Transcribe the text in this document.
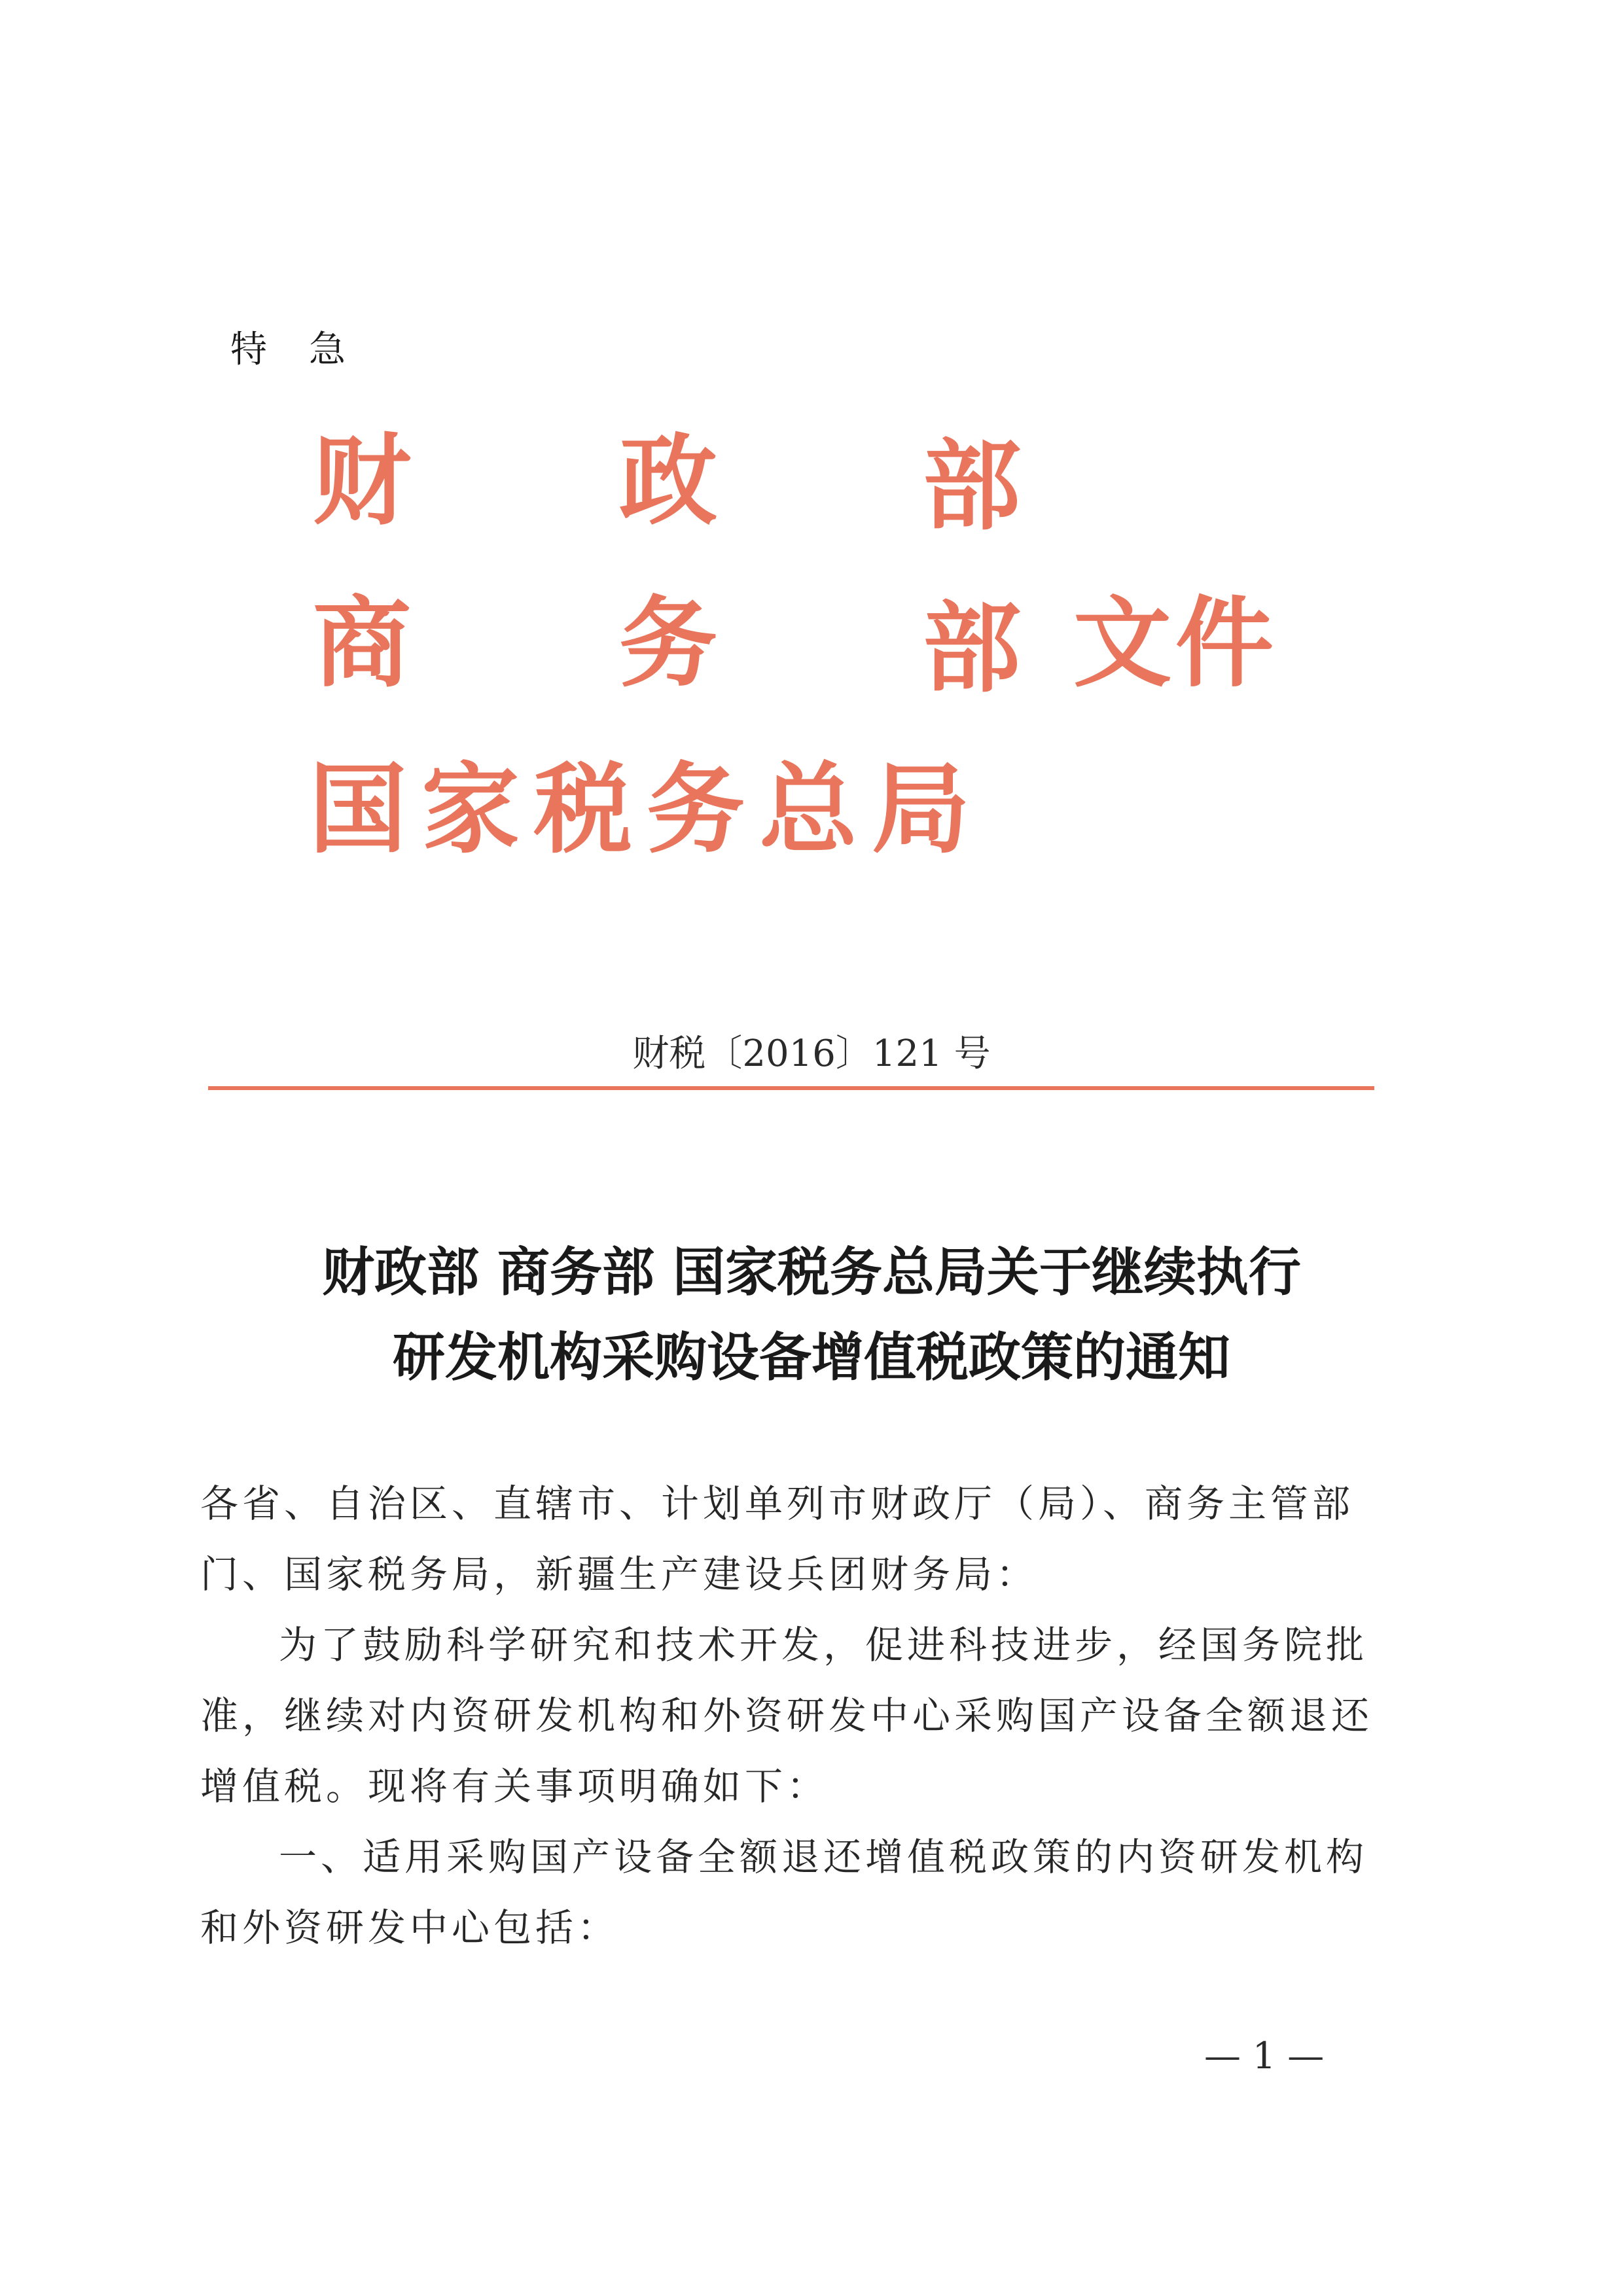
特急
财 政 部
商 务 部 文件
国家税务总局
财税〔2016〕121 号
财政部 商务部 国家税务总局关于继续执行
研发机构采购设备增值税政策的通知

各省、自治区、直辖市、计划单列市财政厅（局）、商务主管部门、国家税务局，新疆生产建设兵团财务局：

为了鼓励科学研究和技术开发，促进科技进步，经国务院批准，继续对内资研发机构和外资研发中心采购国产设备全额退还增值税。现将有关事项明确如下：

一、适用采购国产设备全额退还增值税政策的内资研发机构和外资研发中心包括：

— 1 —
